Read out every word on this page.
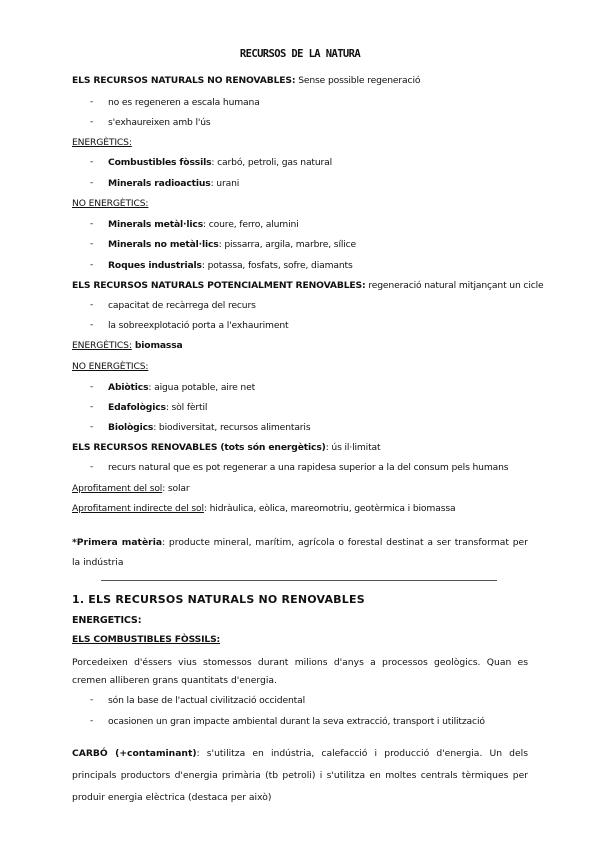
RECURSOS DE LA NATURA
ELS RECURSOS NATURALS NO RENOVABLES: Sense possible regeneració
- no es regeneren a escala humana
- s'exhaureixen amb l'ús
ENERGÈTICS:
- Combustibles fòssils: carbó, petroli, gas natural
- Minerals radioactius: urani
NO ENERGÈTICS:
- Minerals metàl·lics: coure, ferro, alumini
- Minerals no metàl·lics: pissarra, argila, marbre, sílice
- Roques industrials: potassa, fosfats, sofre, diamants
ELS RECURSOS NATURALS POTENCIALMENT RENOVABLES: regeneració natural mitjançant un cicle
- capacitat de recàrrega del recurs
- la sobreexplotació porta a l'exhauriment
ENERGÈTICS: biomassa
NO ENERGÈTICS:
- Abiòtics: aigua potable, aire net
- Edafològics: sòl fèrtil
- Biològics: biodiversitat, recursos alimentaris
ELS RECURSOS RENOVABLES (tots són energètics): ús il·limitat
- recurs natural que es pot regenerar a una rapidesa superior a la del consum pels humans
Aprofitament del sol: solar
Aprofitament indirecte del sol: hidràulica, eòlica, mareomotriu, geotèrmica i biomassa
*Primera matèria: producte mineral, marítim, agrícola o forestal destinat a ser transformat per la indústria
1. ELS RECURSOS NATURALS NO RENOVABLES
ENERGETICS:
ELS COMBUSTIBLES FÒSSILS:
Porcedeixen d'éssers vius stomessos durant milions d'anys a processos geològics. Quan es cremen alliberen grans quantitats d'energia.
- són la base de l'actual civilització occidental
- ocasionen un gran impacte ambiental durant la seva extracció, transport i utilització
CARBÓ (+contaminant): s'utilitza en indústria, calefacció i producció d'energia. Un dels principals productors d'energia primària (tb petroli) i s'utilitza en moltes centrals tèrmiques per produir energia elèctrica (destaca per això)
